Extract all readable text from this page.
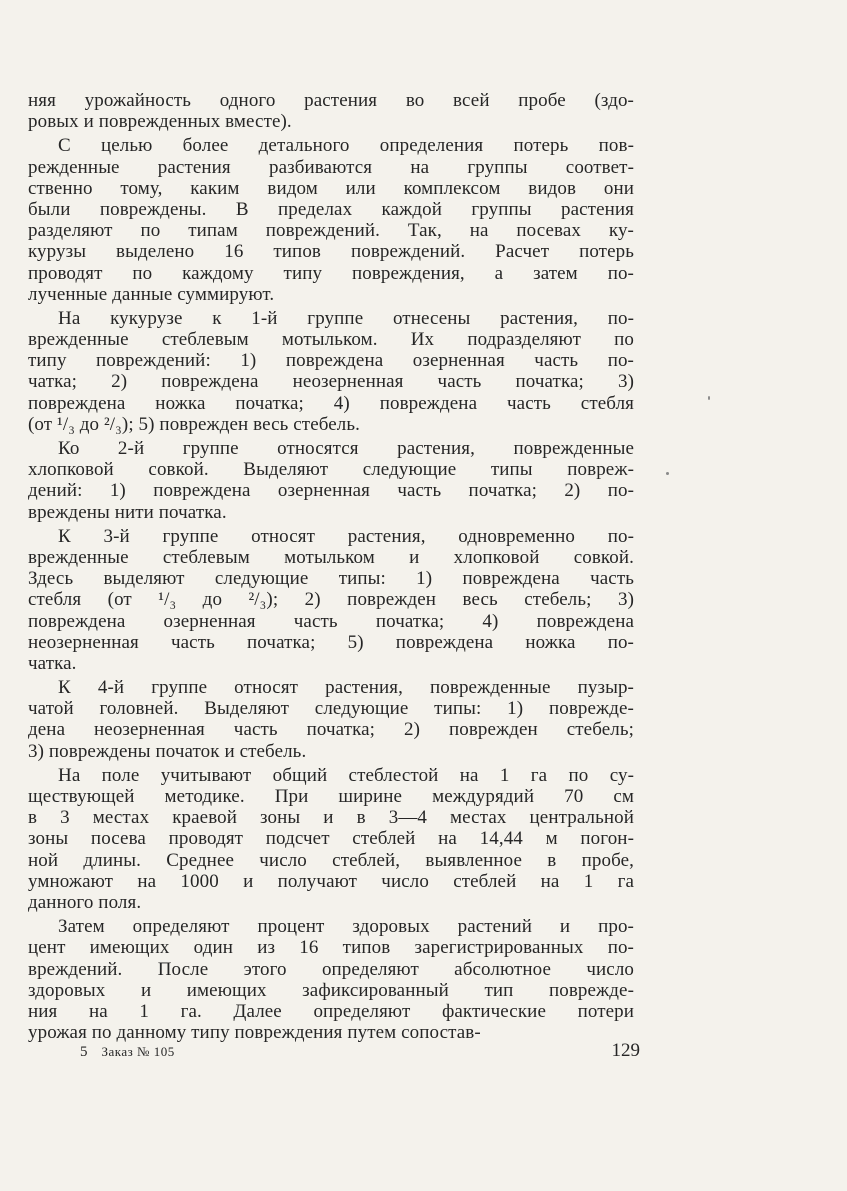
няя урожайность одного растения во всей пробе (здо-
ровых и поврежденных вместе).
С целью более детального определения потерь пов-
режденные растения разбиваются на группы соответ-
ственно тому, каким видом или комплексом видов они
были повреждены. В пределах каждой группы растения
разделяют по типам повреждений. Так, на посевах ку-
курузы выделено 16 типов повреждений. Расчет потерь
проводят по каждому типу повреждения, а затем по-
лученные данные суммируют.
На кукурузе к 1-й группе отнесены растения, по-
врежденные стеблевым мотыльком. Их подразделяют по
типу повреждений: 1) повреждена озерненная часть по-
чатка; 2) повреждена неозерненная часть початка; 3)
повреждена ножка початка; 4) повреждена часть стебля
(от ¹/₃ до ²/₃); 5) поврежден весь стебель.
Ко 2-й группе относятся растения, поврежденные
хлопковой совкой. Выделяют следующие типы повреж-
дений: 1) повреждена озерненная часть початка; 2) по-
вреждены нити початка.
К 3-й группе относят растения, одновременно по-
врежденные стеблевым мотыльком и хлопковой совкой.
Здесь выделяют следующие типы: 1) повреждена часть
стебля (от ¹/₃ до ²/₃); 2) поврежден весь стебель; 3)
повреждена озерненная часть початка; 4) повреждена
неозерненная часть початка; 5) повреждена ножка по-
чатка.
К 4-й группе относят растения, поврежденные пузыр-
чатой головней. Выделяют следующие типы: 1) поврежде-
дена неозерненная часть початка; 2) поврежден стебель;
3) повреждены початок и стебель.
На поле учитывают общий стеблестой на 1 га по су-
ществующей методике. При ширине междурядий 70 см
в 3 местах краевой зоны и в 3—4 местах центральной
зоны посева проводят подсчет стеблей на 14,44 м погон-
ной длины. Среднее число стеблей, выявленное в пробе,
умножают на 1000 и получают число стеблей на 1 га
данного поля.
Затем определяют процент здоровых растений и про-
цент имеющих один из 16 типов зарегистрированных по-
вреждений. После этого определяют абсолютное число
здоровых и имеющих зафиксированный тип поврежде-
ния на 1 га. Далее определяют фактические потери
урожая по данному типу повреждения путем сопостав-
5 Заказ № 105	129
